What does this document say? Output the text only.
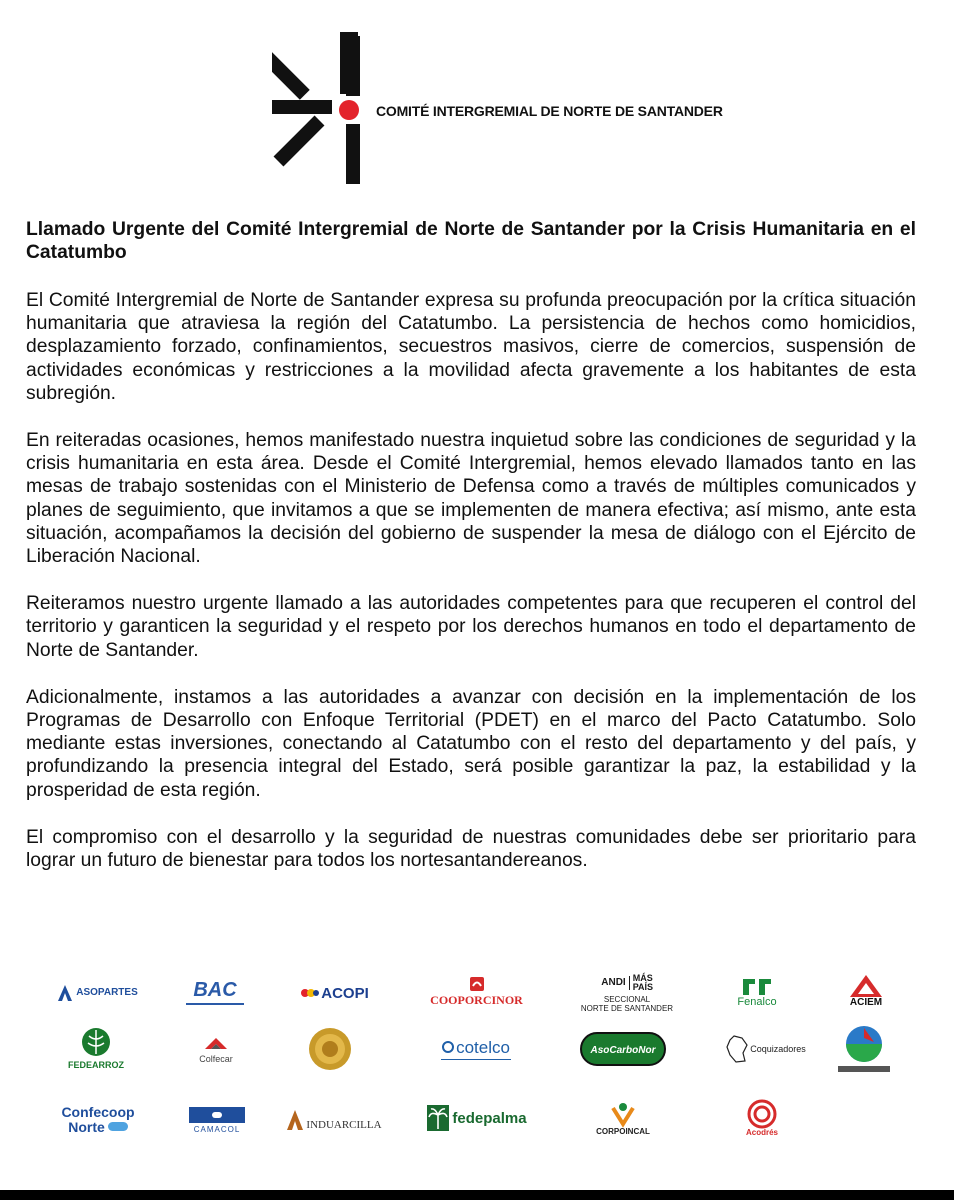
COMITÉ INTERGREMIAL DE NORTE DE SANTANDER
Llamado Urgente del Comité Intergremial de Norte de Santander por la Crisis Humanitaria en el Catatumbo
El Comité Intergremial de Norte de Santander expresa su profunda preocupación por la crítica situación humanitaria que atraviesa la región del Catatumbo. La persistencia de hechos como homicidios, desplazamiento forzado, confinamientos, secuestros masivos, cierre de comercios, suspensión de actividades económicas y restricciones a la movilidad afecta gravemente a los habitantes de esta subregión.
En reiteradas ocasiones, hemos manifestado nuestra inquietud sobre las condiciones de seguridad y la crisis humanitaria en esta área. Desde el Comité Intergremial, hemos elevado llamados tanto en las mesas de trabajo sostenidas con el Ministerio de Defensa como a través de múltiples comunicados y planes de seguimiento, que invitamos a que se implementen de manera efectiva; así mismo, ante esta situación, acompañamos la decisión del gobierno de suspender la mesa de diálogo con el Ejército de Liberación Nacional.
Reiteramos nuestro urgente llamado a las autoridades competentes para que recuperen el control del territorio y garanticen la seguridad y el respeto por los derechos humanos en todo el departamento de Norte de Santander.
Adicionalmente, instamos a las autoridades a avanzar con decisión en la implementación de los Programas de Desarrollo con Enfoque Territorial (PDET) en el marco del Pacto Catatumbo. Solo mediante estas inversiones, conectando al Catatumbo con el resto del departamento y del país, y profundizando la presencia integral del Estado, será posible garantizar la paz, la estabilidad y la prosperidad de esta región.
El compromiso con el desarrollo y la seguridad de nuestras comunidades debe ser prioritario para lograr un futuro de bienestar para todos los nortesantandereanos.
ASOPARTES	BAC	ACOPI	COOPORCINOR
ANDI MÁS PAÍS
SECCIONAL
NORTE DE SANTANDER
Fenalco	ACIEM
FEDEARROZ
Colfecar
cotelco	AsoCarboNor	Coquizadores
Confecoop
Norte	CAMACOL	INDUARCILLA	fedepalma
CORPOINCAL	Acodrés
